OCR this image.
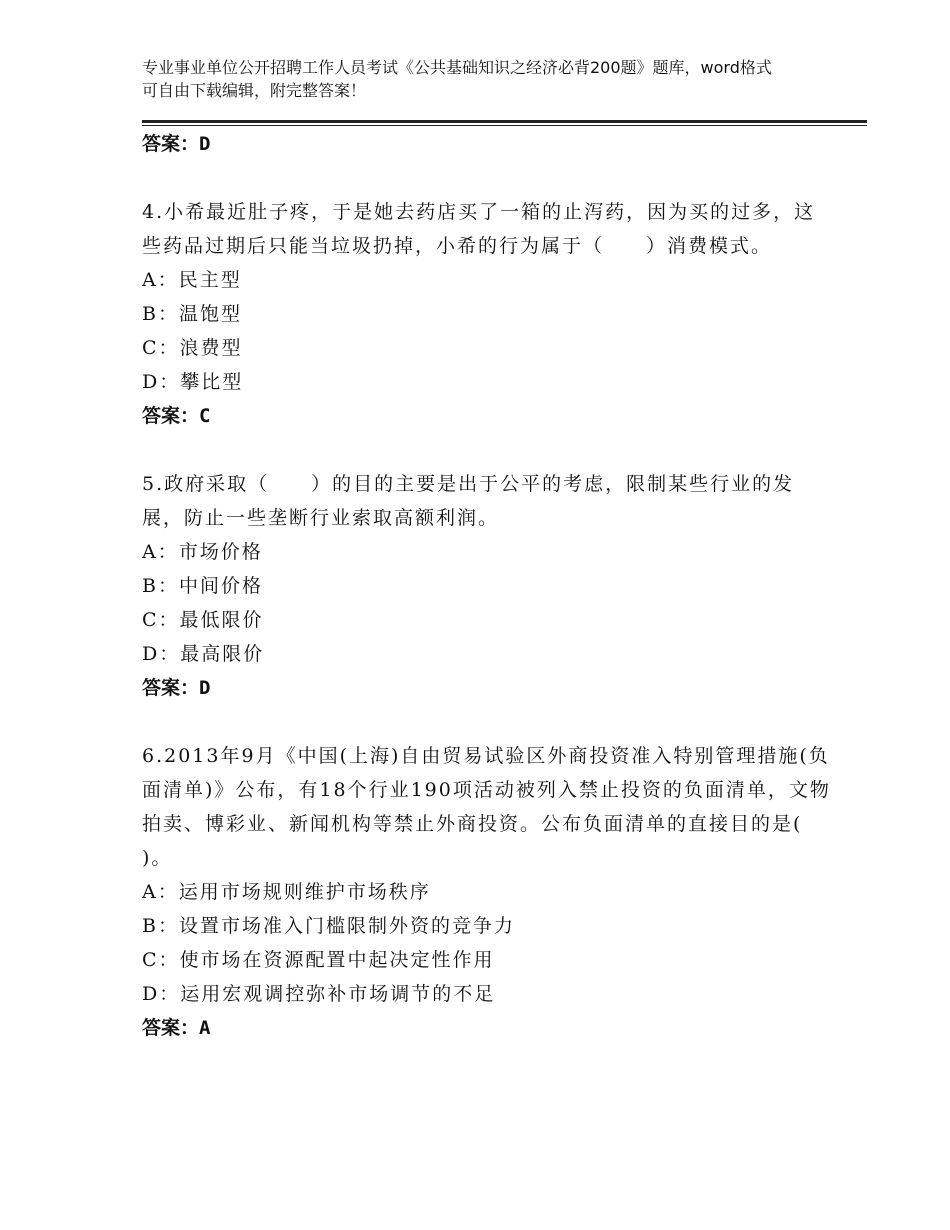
专业事业单位公开招聘工作人员考试《公共基础知识之经济必背200题》题库，word格式可自由下载编辑，附完整答案！
答案：D
4.小希最近肚子疼，于是她去药店买了一箱的止泻药，因为买的过多，这些药品过期后只能当垃圾扔掉，小希的行为属于（　　）消费模式。
A：民主型
B：温饱型
C：浪费型
D：攀比型
答案：C
5.政府采取（　　）的目的主要是出于公平的考虑，限制某些行业的发展，防止一些垄断行业索取高额利润。
A：市场价格
B：中间价格
C：最低限价
D：最高限价
答案：D
6.2013年9月《中国(上海)自由贸易试验区外商投资准入特别管理措施(负面清单)》公布，有18个行业190项活动被列入禁止投资的负面清单，文物拍卖、博彩业、新闻机构等禁止外商投资。公布负面清单的直接目的是( )。
A：运用市场规则维护市场秩序
B：设置市场准入门槛限制外资的竞争力
C：使市场在资源配置中起决定性作用
D：运用宏观调控弥补市场调节的不足
答案：A
